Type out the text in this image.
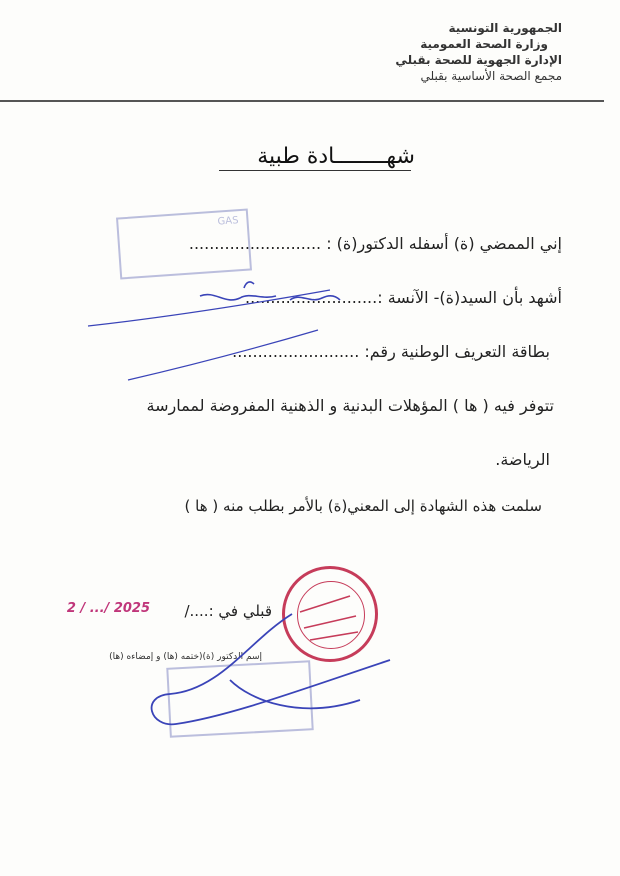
الجمهورية التونسية
وزارة الصحة العمومية
الإدارة الجهوية للصحة بقبلي
مجمع الصحة الأساسية بقبلي
شهــــــــادة طبية
GAS
إني الممضي (ة) أسفله الدكتور(ة) : ..........................
أشهد بأن السيد(ة)- الآنسة :..........................
بطاقة التعريف الوطنية رقم: .........................
تتوفر فيه ( ها ) المؤهلات البدنية و الذهنية المفروضة لممارسة
الرياضة.
سلمت هذه الشهادة إلى المعني(ة) بالأمر بطلب منه ( ها )
قبلي في :..../
2025 /... / 2
إسم الدكتور (ة)(ختمه (ها) و إمضاءه (ها)
